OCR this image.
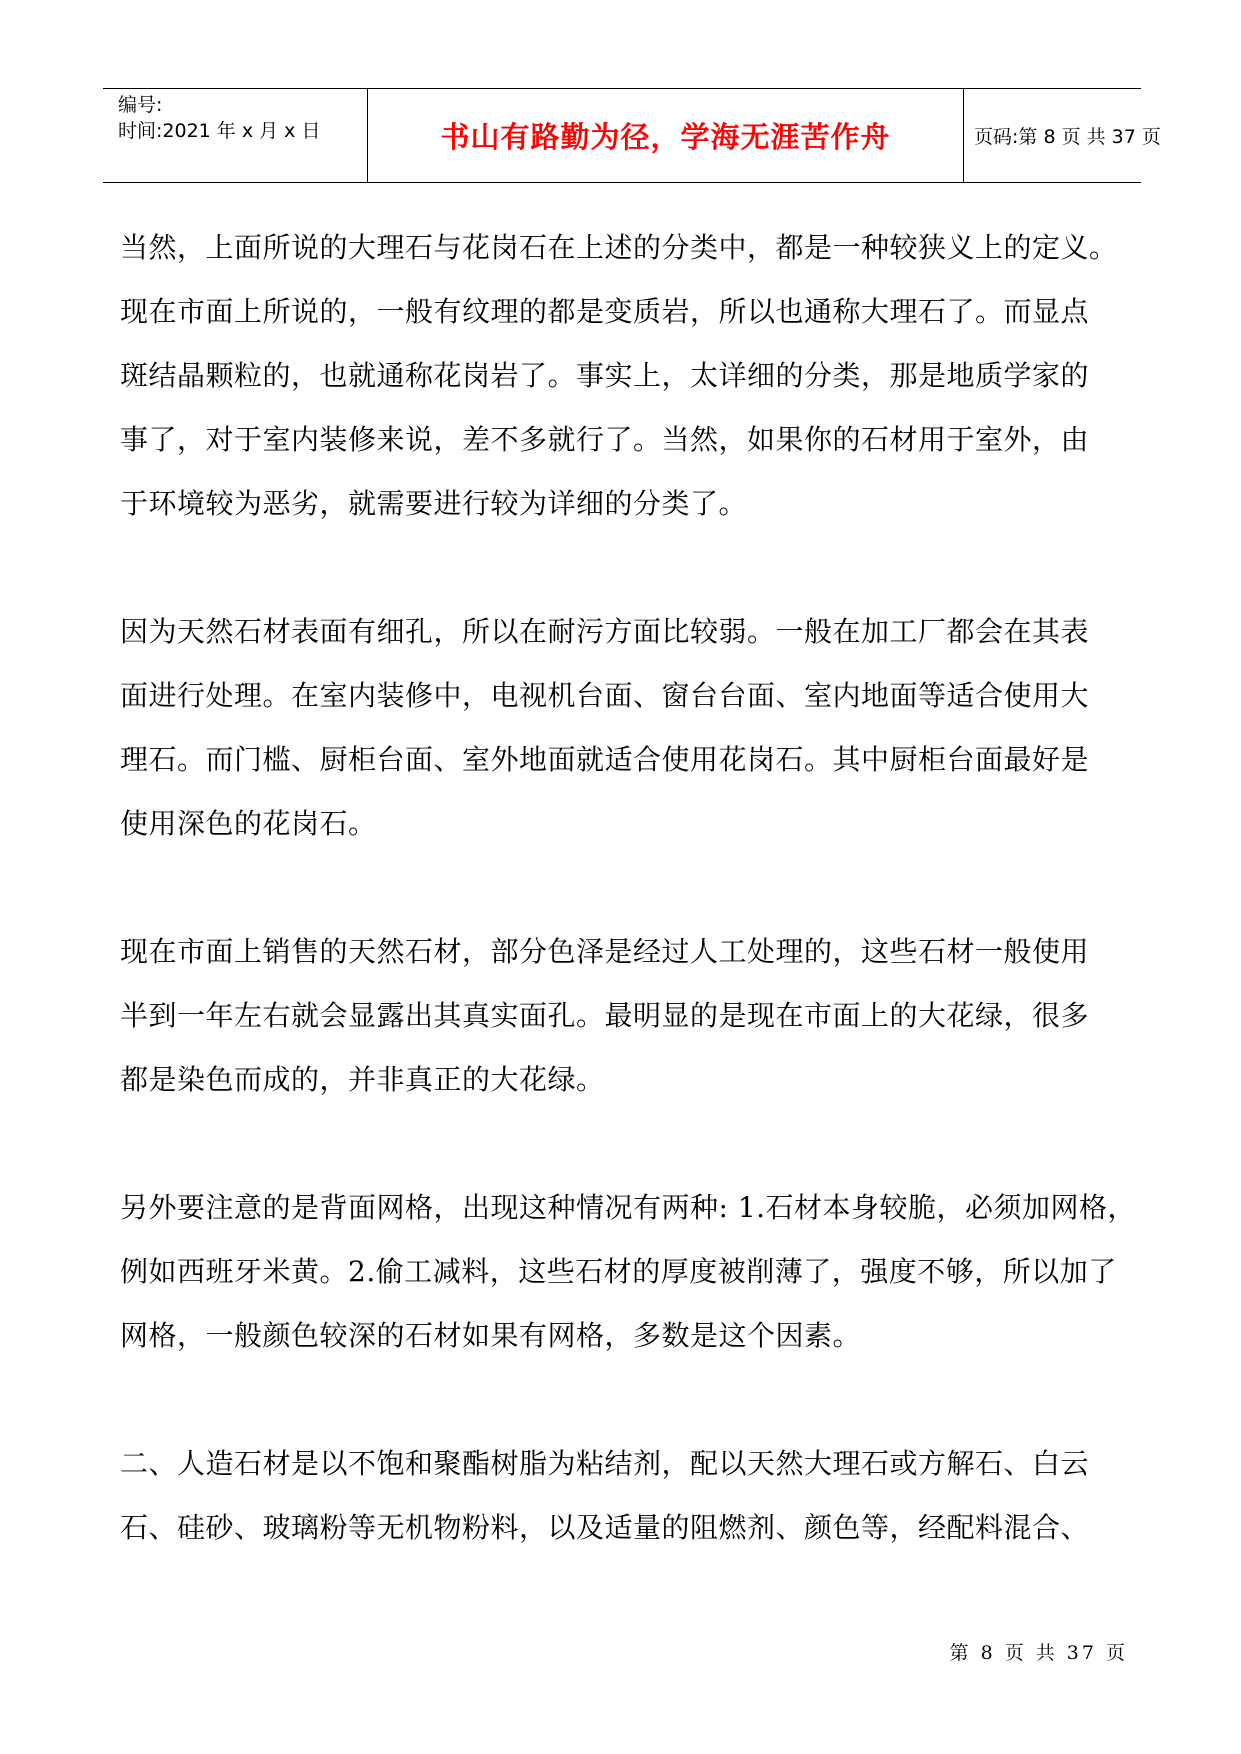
编号:
时间:2021 年 x 月 x 日	书山有路勤为径，学海无涯苦作舟	页码:第 8 页 共 37 页
当然，上面所说的大理石与花岗石在上述的分类中，都是一种较狭义上的定义。
现在市面上所说的，一般有纹理的都是变质岩，所以也通称大理石了。而显点
斑结晶颗粒的，也就通称花岗岩了。事实上，太详细的分类，那是地质学家的
事了，对于室内装修来说，差不多就行了。当然，如果你的石材用于室外，由
于环境较为恶劣，就需要进行较为详细的分类了。
因为天然石材表面有细孔，所以在耐污方面比较弱。一般在加工厂都会在其表
面进行处理。在室内装修中，电视机台面、窗台台面、室内地面等适合使用大
理石。而门槛、厨柜台面、室外地面就适合使用花岗石。其中厨柜台面最好是
使用深色的花岗石。
现在市面上销售的天然石材，部分色泽是经过人工处理的，这些石材一般使用
半到一年左右就会显露出其真实面孔。最明显的是现在市面上的大花绿，很多
都是染色而成的，并非真正的大花绿。
另外要注意的是背面网格，出现这种情况有两种: 1.石材本身较脆，必须加网格，
例如西班牙米黄。2.偷工减料，这些石材的厚度被削薄了，强度不够，所以加了
网格，一般颜色较深的石材如果有网格，多数是这个因素。
二、人造石材是以不饱和聚酯树脂为粘结剂，配以天然大理石或方解石、白云
石、硅砂、玻璃粉等无机物粉料，以及适量的阻燃剂、颜色等，经配料混合、
第 8 页 共 37 页
